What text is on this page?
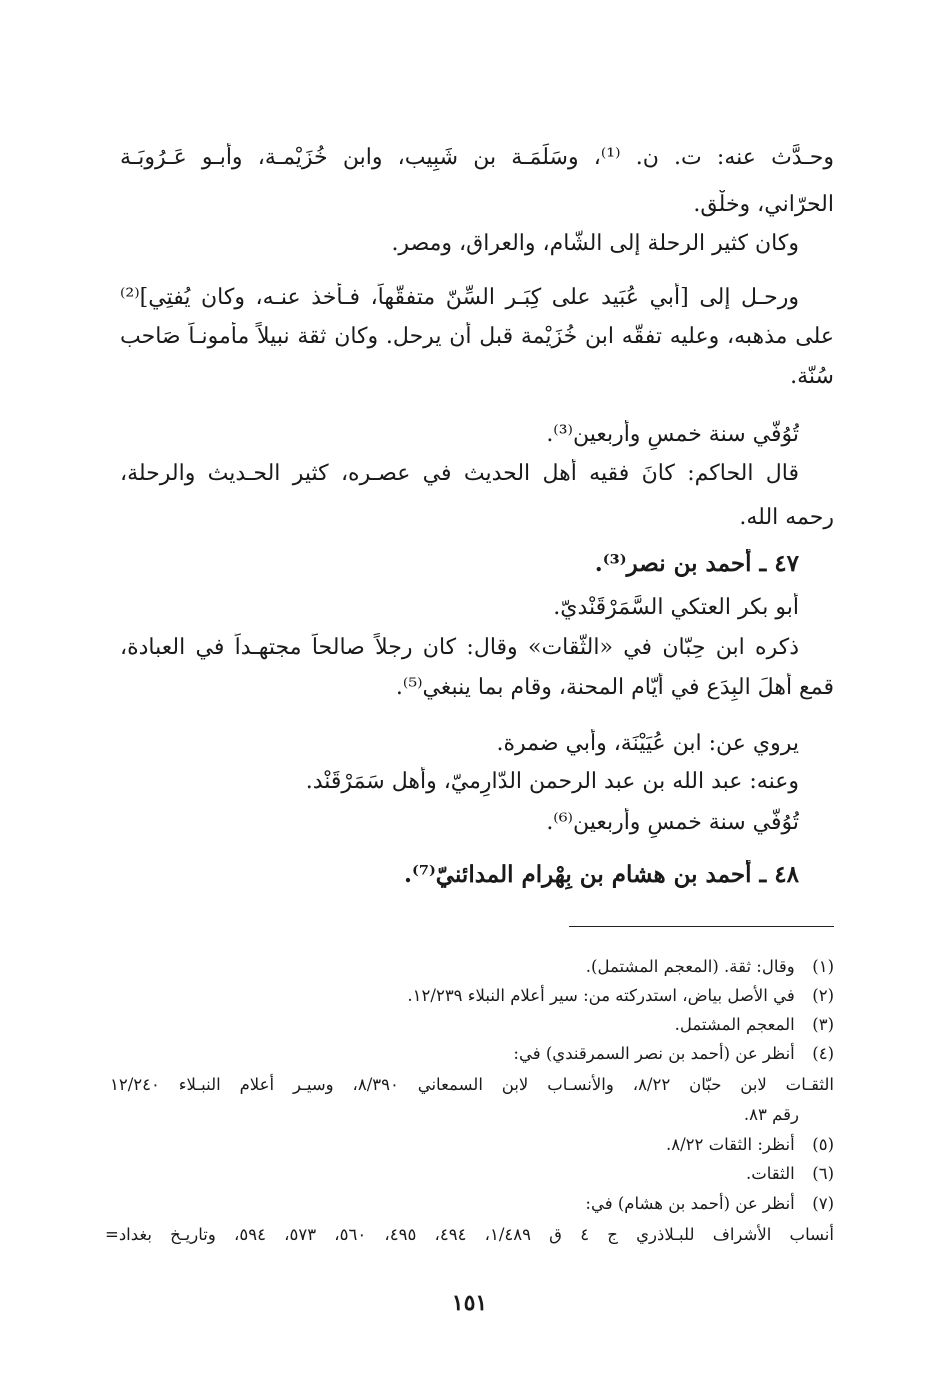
وحـدَّث عنه: ت. ن. ⁽¹⁾، وسَلَمَـة بن شَبِيب، وابن خُزَيْمـة، وأبـو عَـرُوبَـة
الحرّاني، وخلْق.
وكان كثير الرحلة إلى الشّام، والعراق، ومصر.
ورحـل إلى [أبي عُبَيد على كِبَـر السِّنّ متفقّهاً، فـأخذ عنـه، وكان يُفتِي]⁽²⁾
على مذهبه، وعليه تفقّه ابن خُزَيْمة قبل أن يرحل. وكان ثقة نبيلاً مأمونـاً صَاحب
سُنّة.
تُوُفّي سنة خمسٍ وأربعين⁽³⁾.
قال الحاكم: كانَ فقيه أهل الحديث في عصـره، كثير الحـديث والرحلة،
رحمه الله.
٤٧ ـ أحمد بن نصر⁽³⁾.
أبو بكر العتكي السَّمَرْقَنْديّ.
ذكره ابن حِبّان في «الثّقات» وقال: كان رجلاً صالحاً مجتهـداً في العبادة،
قمع أهلَ البِدَع في أيّام المحنة، وقام بما ينبغي⁽⁵⁾.
يروي عن: ابن عُيَيْنَة، وأبي ضمرة.
وعنه: عبد الله بن عبد الرحمن الدّارِميّ، وأهل سَمَرْقَنْد.
تُوُفّي سنة خمسٍ وأربعين⁽⁶⁾.
٤٨ ـ أحمد بن هشام بن بِهْرام المدائنيّ⁽⁷⁾.
(١) وقال: ثقة. (المعجم المشتمل).
(٢) في الأصل بياض، استدركته من: سير أعلام النبلاء ١٢/٢٣٩.
(٣) المعجم المشتمل.
(٤) أنظر عن (أحمد بن نصر السمرقندي) في:
الثقـات لابن حبّان ٨/٢٢، والأنسـاب لابن السمعاني ٨/٣٩٠، وسيـر أعلام النبـلاء ١٢/٢٤٠
رقم ٨٣.
(٥) أنظر: الثقات ٨/٢٢.
(٦) الثقات.
(٧) أنظر عن (أحمد بن هشام) في:
أنساب الأشراف للبـلاذري ج ٤ ق ١/٤٨٩، ٤٩٤، ٤٩٥، ٥٦٠، ٥٧٣، ٥٩٤، وتاريـخ بغداد=
١٥١
